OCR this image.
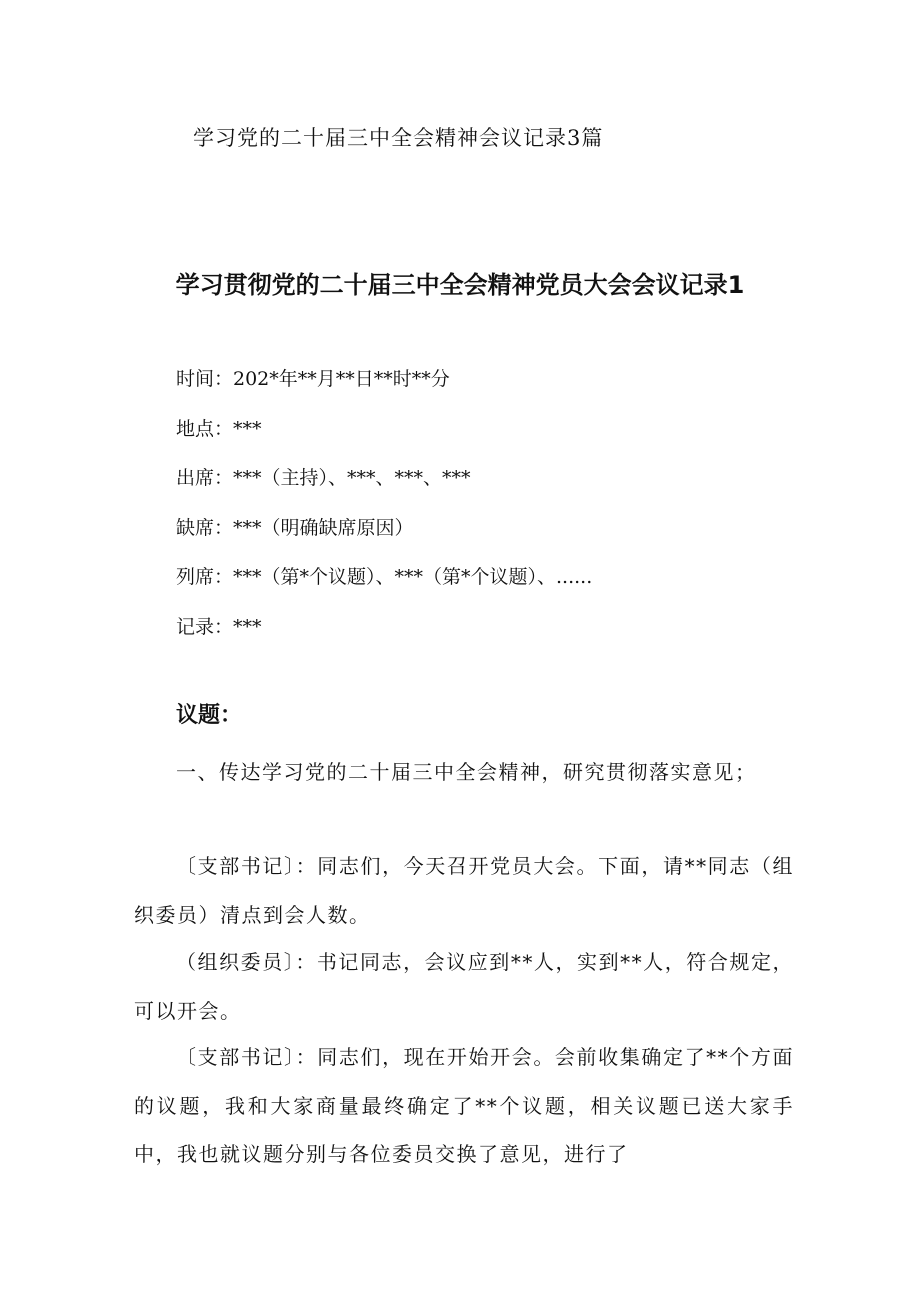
学习党的二十届三中全会精神会议记录3篇
学习贯彻党的二十届三中全会精神党员大会会议记录1
时间：202*年**月**日**时**分
地点：***
出席：***（主持）、***、***、***
缺席：***（明确缺席原因）
列席：***（第*个议题）、***（第*个议题）、......
记录：***
议题：

一、传达学习党的二十届三中全会精神，研究贯彻落实意见；

〔支部书记〕：同志们，今天召开党员大会。下面，请**同志（组织委员）清点到会人数。

（组织委员〕：书记同志，会议应到**人，实到**人，符合规定，可以开会。

〔支部书记〕：同志们，现在开始开会。会前收集确定了**个方面的议题，我和大家商量最终确定了**个议题，相关议题已送大家手中，我也就议题分别与各位委员交换了意见，进行了
